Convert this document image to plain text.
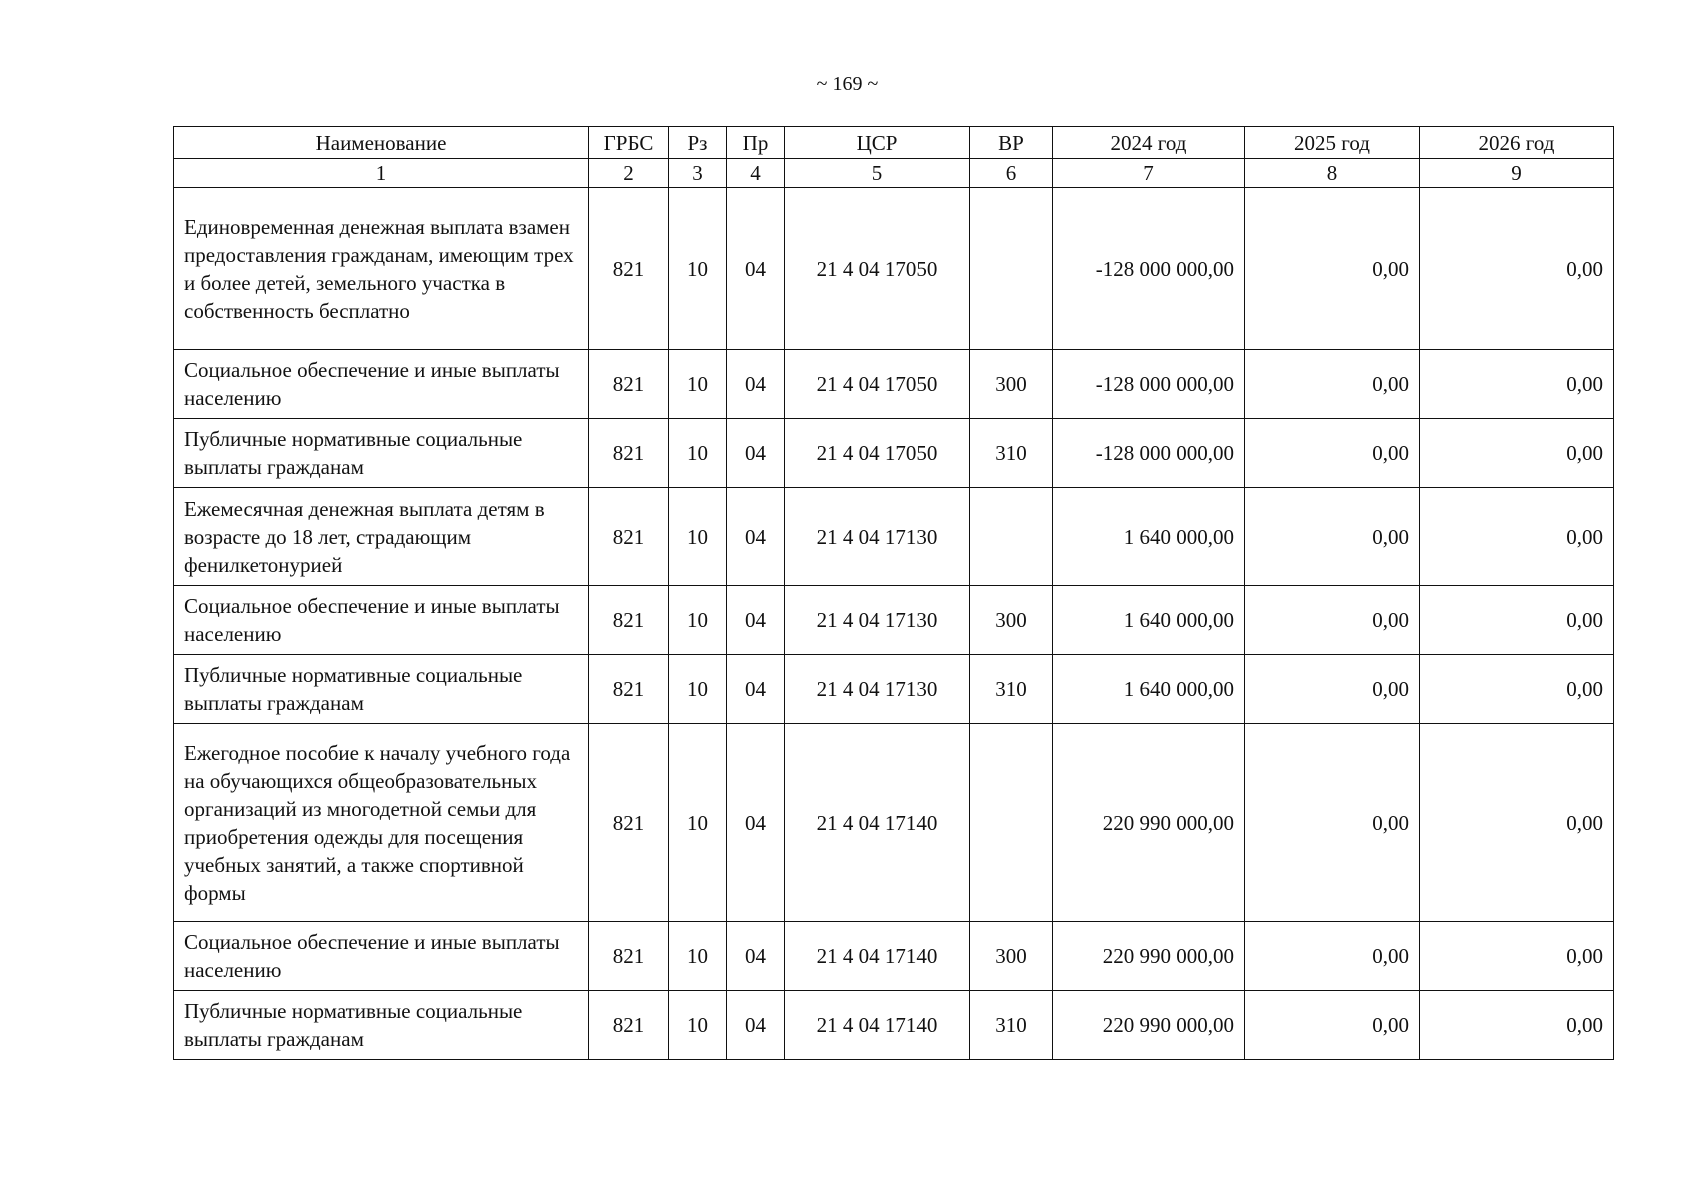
~ 169 ~
Наименование	ГРБС	Рз	Пр	ЦСР	ВР	2024 год	2025 год	2026 год
1	2	3	4	5	6	7	8	9
Единовременная денежная выплата взамен предоставления гражданам, имеющим трех и более детей, земельного участка в собственность бесплатно	821	10	04	21 4 04 17050		-128 000 000,00	0,00	0,00
Социальное обеспечение и иные выплаты населению	821	10	04	21 4 04 17050	300	-128 000 000,00	0,00	0,00
Публичные нормативные социальные выплаты гражданам	821	10	04	21 4 04 17050	310	-128 000 000,00	0,00	0,00
Ежемесячная денежная выплата детям в возрасте до 18 лет, страдающим фенилкетонурией	821	10	04	21 4 04 17130		1 640 000,00	0,00	0,00
Социальное обеспечение и иные выплаты населению	821	10	04	21 4 04 17130	300	1 640 000,00	0,00	0,00
Публичные нормативные социальные выплаты гражданам	821	10	04	21 4 04 17130	310	1 640 000,00	0,00	0,00
Ежегодное пособие к началу учебного года на обучающихся общеобразовательных организаций из многодетной семьи для приобретения одежды для посещения учебных занятий, а также спортивной формы	821	10	04	21 4 04 17140		220 990 000,00	0,00	0,00
Социальное обеспечение и иные выплаты населению	821	10	04	21 4 04 17140	300	220 990 000,00	0,00	0,00
Публичные нормативные социальные выплаты гражданам	821	10	04	21 4 04 17140	310	220 990 000,00	0,00	0,00
